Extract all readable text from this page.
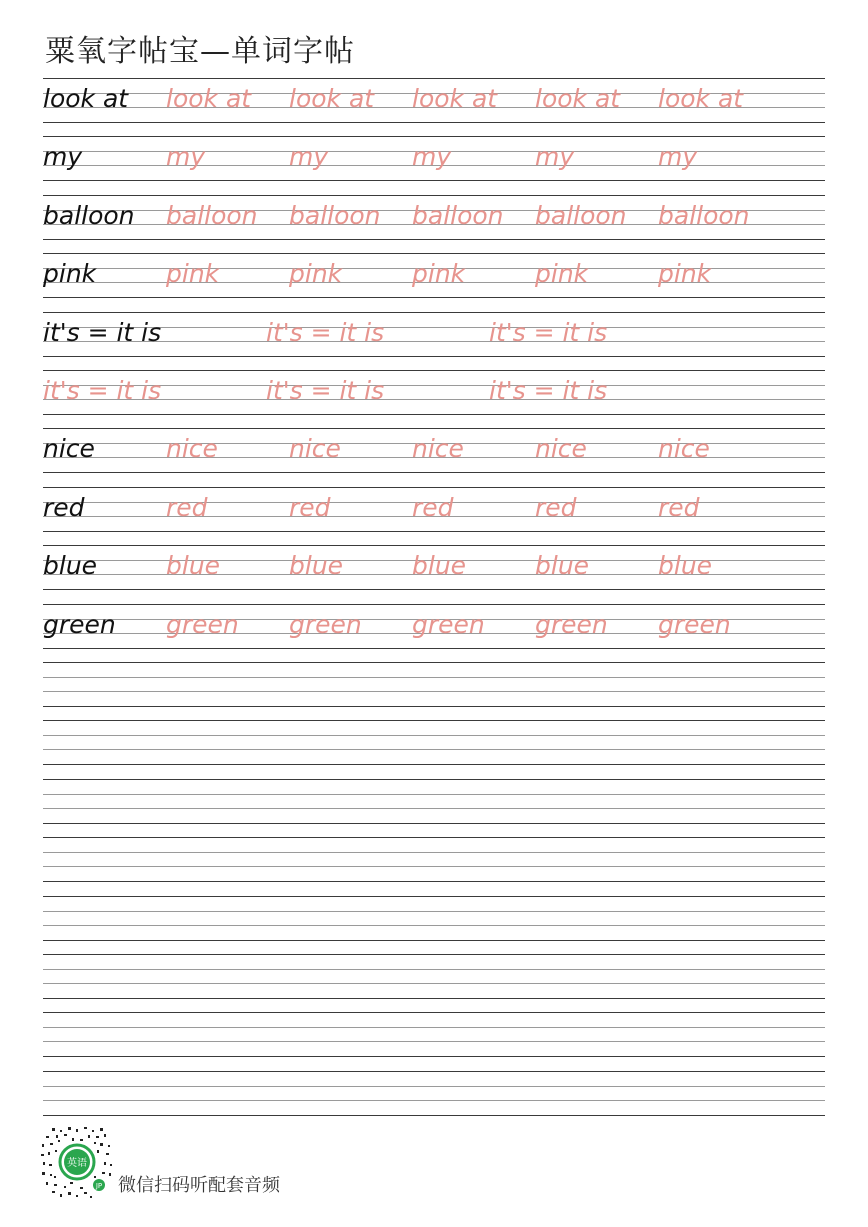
粟氧字帖宝—单词字帖
look at look at look at look at look at look at
my	my	my	my	my	my
balloon balloon balloon balloon balloon balloon
pink	pink	pink	pink	pink	pink
it's = it is	it's = it is	it's = it is
it's = it is	it's = it is	it's = it is
nice	nice	nice	nice	nice	nice
red	red	red	red	red	red
blue	blue	blue	blue	blue	blue
green green green green green green
英语
JP 微信扫码听配套音频
